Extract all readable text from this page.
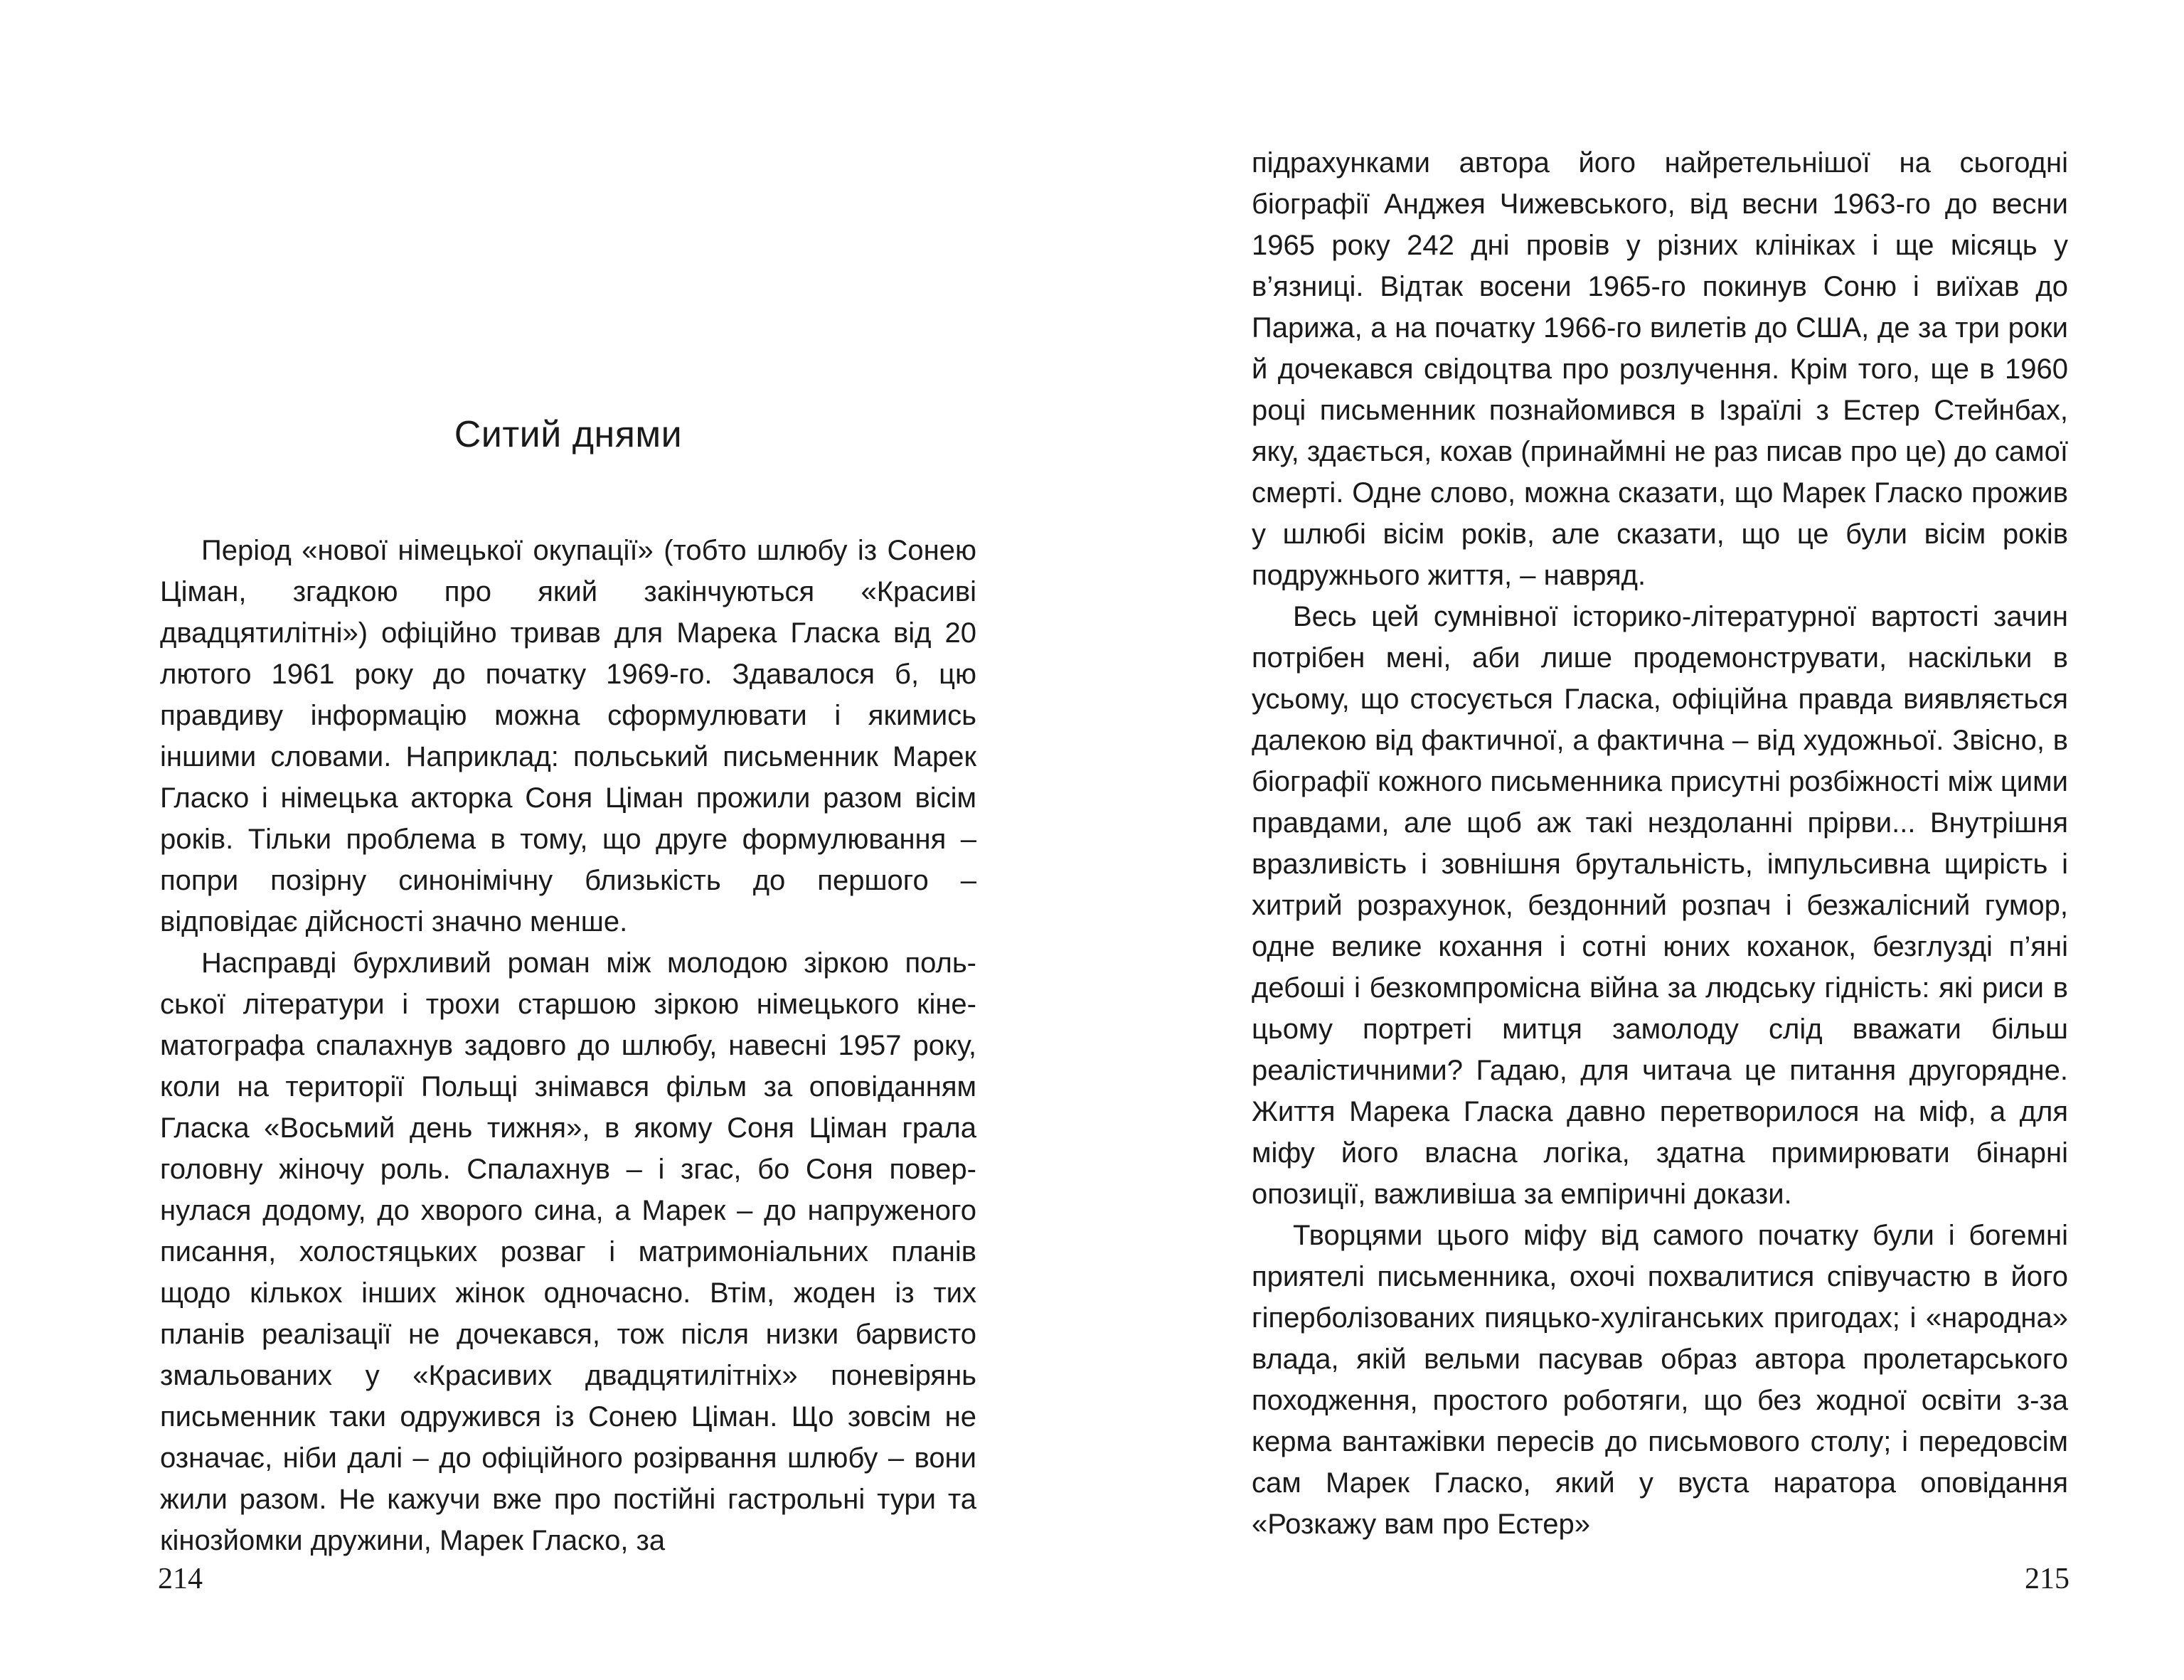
Ситий днями

Період «нової німецької окупації» (тобто шлюбу із Сонею Ціман, згадкою про який закінчуються «Красиві двадцятилітні») офіційно тривав для Марека Гласка від 20 лютого 1961 року до початку 1969-го. Здавалося б, цю правдиву інформацію можна сформулювати і якимись іншими словами. Наприклад: польський письменник Марек Гласко і німецька акторка Соня Ціман прожили разом вісім років. Тільки проблема в тому, що друге формулювання – попри позірну синонімічну близькість до першого – відповідає дійсності значно менше.

Насправді бурхливий роман між молодою зіркою польської літератури і трохи старшою зіркою німецького кінематографа спалахнув задовго до шлюбу, навесні 1957 року, коли на території Польщі знімався фільм за оповіданням Гласка «Восьмий день тижня», в якому Соня Ціман грала головну жіночу роль. Спалахнув – і згас, бо Соня повернулася додому, до хворого сина, а Марек – до напруженого писання, холостяцьких розваг і матримоніальних планів щодо кількох інших жінок одночасно. Втім, жоден із тих планів реалізації не дочекався, тож після низки барвисто змальованих у «Красивих двадцятилітніх» поневірянь письменник таки одружився із Сонею Ціман. Що зовсім не означає, ніби далі – до офіційного розірвання шлюбу – вони жили разом. Не кажучи вже про постійні гастрольні тури та кінозйомки дружини, Марек Гласко, за

214

підрахунками автора його найретельнішої на сьогодні біографії Анджея Чижевського, від весни 1963-го до весни 1965 року 242 дні провів у різних клініках і ще місяць у в’язниці. Відтак восени 1965-го покинув Соню і виїхав до Парижа, а на початку 1966-го вилетів до США, де за три роки й дочекався свідоцтва про розлучення. Крім того, ще в 1960 році письменник познайомився в Ізраїлі з Естер Стейнбах, яку, здається, кохав (принаймні не раз писав про це) до самої смерті. Одне слово, можна сказати, що Марек Гласко прожив у шлюбі вісім років, але сказати, що це були вісім років подружнього життя, – навряд.

Весь цей сумнівної історико-літературної вартості зачин потрібен мені, аби лише продемонструвати, наскільки в усьому, що стосується Гласка, офіційна правда виявляється далекою від фактичної, а фактична – від художньої. Звісно, в біографії кожного письменника присутні розбіжності між цими правдами, але щоб аж такі нездоланні прірви... Внутрішня вразливість і зовнішня брутальність, імпульсивна щирість і хитрий розрахунок, бездонний розпач і безжалісний гумор, одне велике кохання і сотні юних коханок, безглузді п’яні дебоші і безкомпромісна війна за людську гідність: які риси в цьому портреті митця замолоду слід вважати більш реалістичними? Гадаю, для читача це питання другорядне. Життя Марека Гласка давно перетворилося на міф, а для міфу його власна логіка, здатна примирювати бінарні опозиції, важливіша за емпіричні докази.

Творцями цього міфу від самого початку були і богемні приятелі письменника, охочі похвалитися співучастю в його гіперболізованих пияцько-хуліганських пригодах; і «народна» влада, якій вельми пасував образ автора пролетарського походження, простого роботяги, що без жодної освіти з-за керма вантажівки пересів до письмового столу; і передовсім сам Марек Гласко, який у вуста наратора оповідання «Розкажу вам про Естер»

215
